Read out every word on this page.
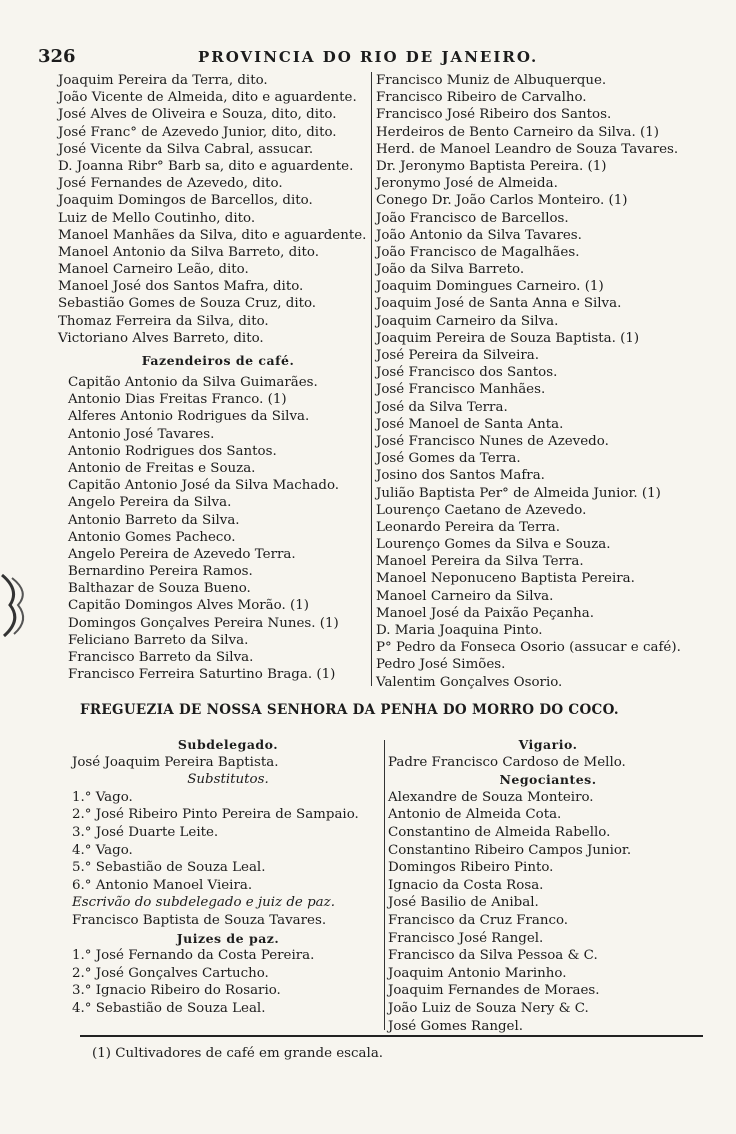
326	PROVINCIA DO RIO DE JANEIRO.
Joaquim Pereira da Terra, dito.
João Vicente de Almeida, dito e aguardente.
José Alves de Oliveira e Souza, dito, dito.
José Franc° de Azevedo Junior, dito, dito.
José Vicente da Silva Cabral, assucar.
D. Joanna Ribr° Barb sa, dito e aguardente.
José Fernandes de Azevedo, dito.
Joaquim Domingos de Barcellos, dito.
Luiz de Mello Coutinho, dito.
Manoel Manhães da Silva, dito e aguardente.
Manoel Antonio da Silva Barreto, dito.
Manoel Carneiro Leão, dito.
Manoel José dos Santos Mafra, dito.
Sebastião Gomes de Souza Cruz, dito.
Thomaz Ferreira da Silva, dito.
Victoriano Alves Barreto, dito.
Francisco Muniz de Albuquerque.
Francisco Ribeiro de Carvalho.
Francisco José Ribeiro dos Santos.
Herdeiros de Bento Carneiro da Silva. (1)
Herd. de Manoel Leandro de Souza Tavares.
Dr. Jeronymo Baptista Pereira. (1)
Jeronymo José de Almeida.
Conego Dr. João Carlos Monteiro. (1)
João Francisco de Barcellos.
João Antonio da Silva Tavares.
João Francisco de Magalhães.
João da Silva Barreto.
Joaquim Domingues Carneiro. (1)
Joaquim José de Santa Anna e Silva.
Joaquim Carneiro da Silva.
Joaquim Pereira de Souza Baptista. (1)
José Pereira da Silveira.
José Francisco dos Santos.
José Francisco Manhães.
José da Silva Terra.
José Manoel de Santa Anta.
José Francisco Nunes de Azevedo.
José Gomes da Terra.
Josino dos Santos Mafra.
Julião Baptista Per° de Almeida Junior. (1)
Lourenço Caetano de Azevedo.
Leonardo Pereira da Terra.
Lourenço Gomes da Silva e Souza.
Manoel Pereira da Silva Terra.
Manoel Neponuceno Baptista Pereira.
Manoel Carneiro da Silva.
Manoel José da Paixão Peçanha.
D. Maria Joaquina Pinto.
P° Pedro da Fonseca Osorio (assucar e café).
Pedro José Simões.
Valentim Gonçalves Osorio.
Fazendeiros de café.
Capitão Antonio da Silva Guimarães.
Antonio Dias Freitas Franco. (1)
Alferes Antonio Rodrigues da Silva.
Antonio José Tavares.
Antonio Rodrigues dos Santos.
Antonio de Freitas e Souza.
Capitão Antonio José da Silva Machado.
Angelo Pereira da Silva.
Antonio Barreto da Silva.
Antonio Gomes Pacheco.
Angelo Pereira de Azevedo Terra.
Bernardino Pereira Ramos.
Balthazar de Souza Bueno.
Capitão Domingos Alves Morão. (1)
Domingos Gonçalves Pereira Nunes. (1)
Feliciano Barreto da Silva.
Francisco Barreto da Silva.
Francisco Ferreira Saturtino Braga. (1)
FREGUEZIA DE NOSSA SENHORA DA PENHA DO MORRO DO COCO.
Subdelegado.
José Joaquim Pereira Baptista.
Substitutos.
1.° Vago.
2.° José Ribeiro Pinto Pereira de Sampaio.
3.° José Duarte Leite.
4.° Vago.
5.° Sebastião de Souza Leal.
6.° Antonio Manoel Vieira.
Escrivão do subdelegado e juiz de paz.
Francisco Baptista de Souza Tavares.
Juizes de paz.
1.° José Fernando da Costa Pereira.
2.° José Gonçalves Cartucho.
3.° Ignacio Ribeiro do Rosario.
4.° Sebastião de Souza Leal.
Vigario.
Padre Francisco Cardoso de Mello.
Negociantes.
Alexandre de Souza Monteiro.
Antonio de Almeida Cota.
Constantino de Almeida Rabello.
Constantino Ribeiro Campos Junior.
Domingos Ribeiro Pinto.
Ignacio da Costa Rosa.
José Basilio de Anibal.
Francisco da Cruz Franco.
Francisco José Rangel.
Francisco da Silva Pessoa & C.
Joaquim Antonio Marinho.
Joaquim Fernandes de Moraes.
João Luiz de Souza Nery & C.
José Gomes Rangel.
(1) Cultivadores de café em grande escala.
